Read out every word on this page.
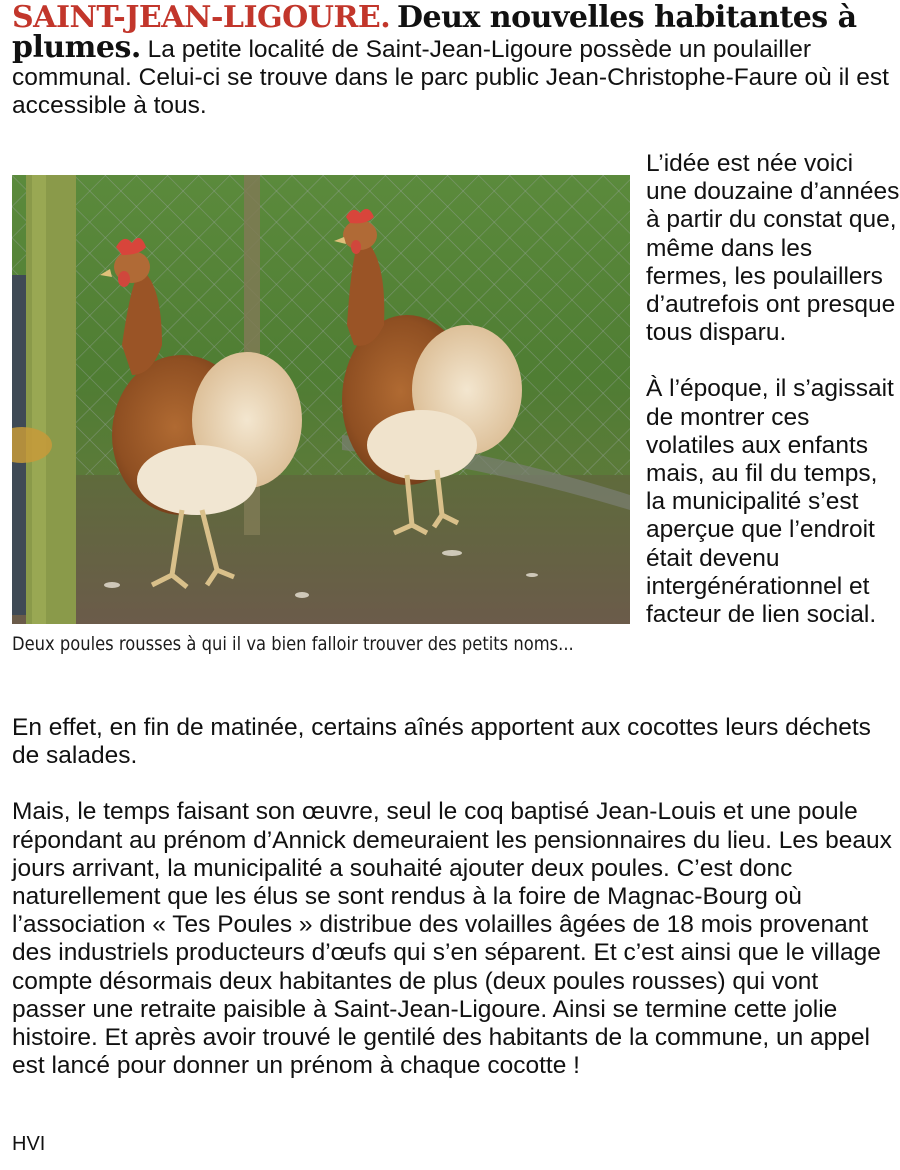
SAINT-JEAN-LIGOURE. Deux nouvelles habitantes à plumes. La petite localité de Saint-Jean-Ligoure possède un poulailler communal. Celui-ci se trouve dans le parc public Jean-Christophe-Faure où il est accessible à tous.

Deux poules rousses à qui il va bien falloir trouver des petits noms...

L’idée est née voici une douzaine d’années à partir du constat que, même dans les fermes, les poulaillers d’autrefois ont presque tous disparu.

À l’époque, il s’agissait de montrer ces volatiles aux enfants mais, au fil du temps, la municipalité s’est aperçue que l’endroit était devenu intergénérationnel et facteur de lien social.

En effet, en fin de matinée, certains aînés apportent aux cocottes leurs déchets de salades.

Mais, le temps faisant son œuvre, seul le coq baptisé Jean-Louis et une poule répondant au prénom d’Annick demeuraient les pensionnaires du lieu. Les beaux jours arrivant, la municipalité a souhaité ajouter deux poules. C’est donc naturellement que les élus se sont rendus à la foire de Magnac-Bourg où l’association « Tes Poules » distribue des volailles âgées de 18 mois provenant des industriels producteurs d’œufs qui s’en séparent. Et c’est ainsi que le village compte désormais deux habitantes de plus (deux poules rousses) qui vont passer une retraite paisible à Saint-Jean-Ligoure. Ainsi se termine cette jolie histoire. Et après avoir trouvé le gentilé des habitants de la commune, un appel est lancé pour donner un prénom à chaque cocotte !

HVI
